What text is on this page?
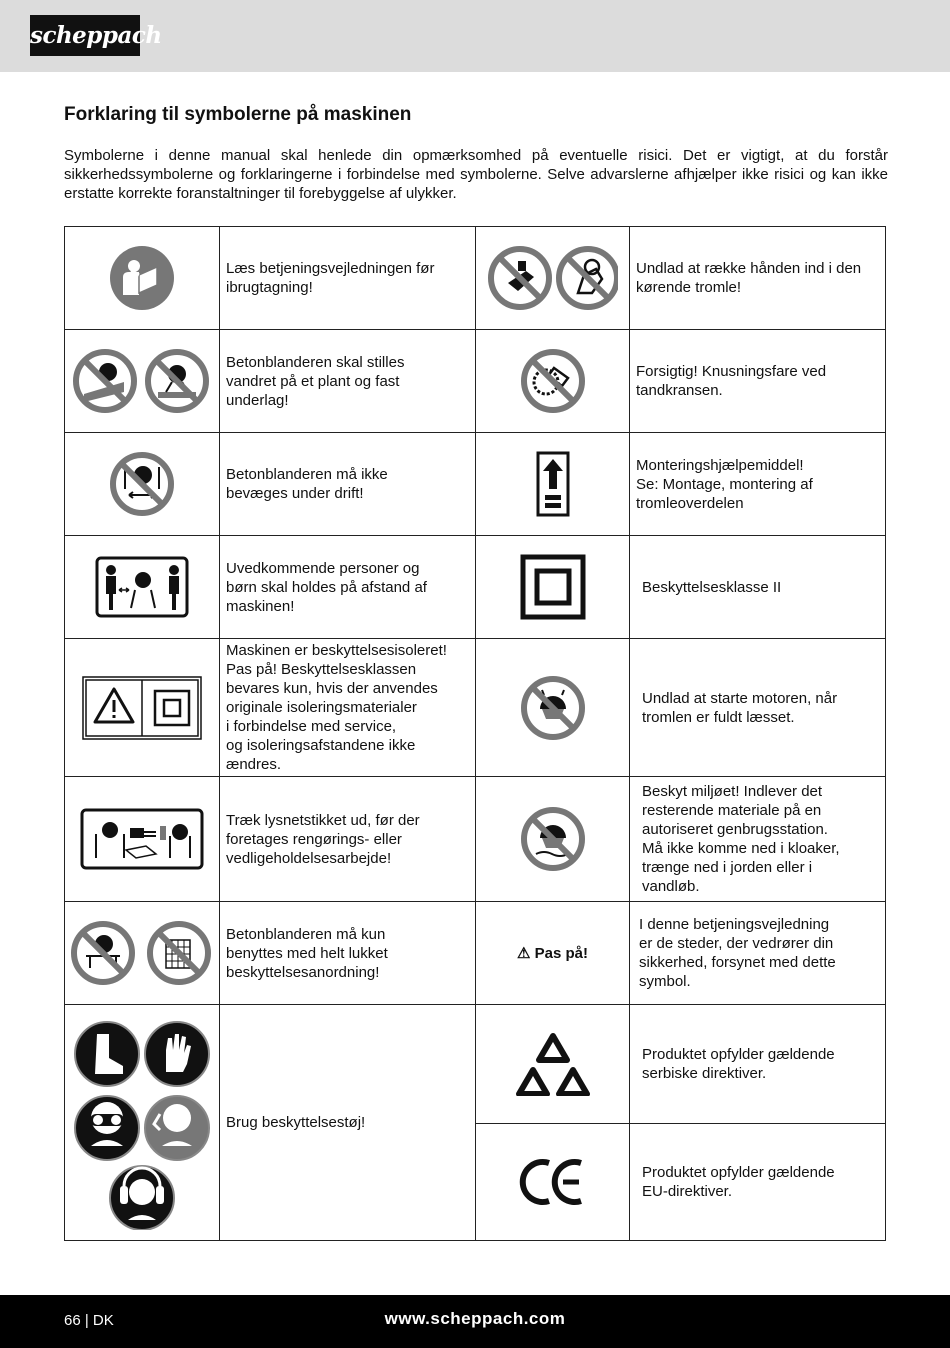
scheppach
Forklaring til symbolerne på maskinen

Symbolerne i denne manual skal henlede din opmærksomhed på eventuelle risici. Det er vigtigt, at du forstår sikkerhedssymbolerne og forklaringerne i forbindelse med symbolerne. Selve advarslerne afhjælper ikke risici og kan ikke erstatte korrekte foranstaltninger til forebyggelse af ulykker.

Læs betjeningsvejledningen før
ibrugtagning!
Undlad at række hånden ind i den
kørende tromle!
Betonblanderen skal stilles
vandret på et plant og fast
underlag!
Forsigtig! Knusningsfare ved
tandkransen.
Betonblanderen må ikke
bevæges under drift!
Monteringshjælpemiddel!
Se: Montage, montering af
tromleoverdelen
Uvedkommende personer og
børn skal holdes på afstand af
maskinen!
Beskyttelsesklasse II
Maskinen er beskyttelsesisoleret!
Pas på! Beskyttelsesklassen
bevares kun, hvis der anvendes
originale isoleringsmaterialer
i forbindelse med service,
og isoleringsafstandene ikke
ændres.
Undlad at starte motoren, når
tromlen er fuldt læsset.
Træk lysnetstikket ud, før der
foretages rengørings- eller
vedligeholdelsesarbejde!
Beskyt miljøet! Indlever det
resterende materiale på en
autoriseret genbrugsstation.
Må ikke komme ned i kloaker,
trænge ned i jorden eller i
vandløb.
Betonblanderen må kun
benyttes med helt lukket
beskyttelsesanordning!
⚠ Pas på!
I denne betjeningsvejledning
er de steder, der vedrører din
sikkerhed, forsynet med dette
symbol.
Brug beskyttelsestøj!
Produktet opfylder gældende
serbiske direktiver.
Produktet opfylder gældende
EU-direktiver.
66 | DK	www.scheppach.com
